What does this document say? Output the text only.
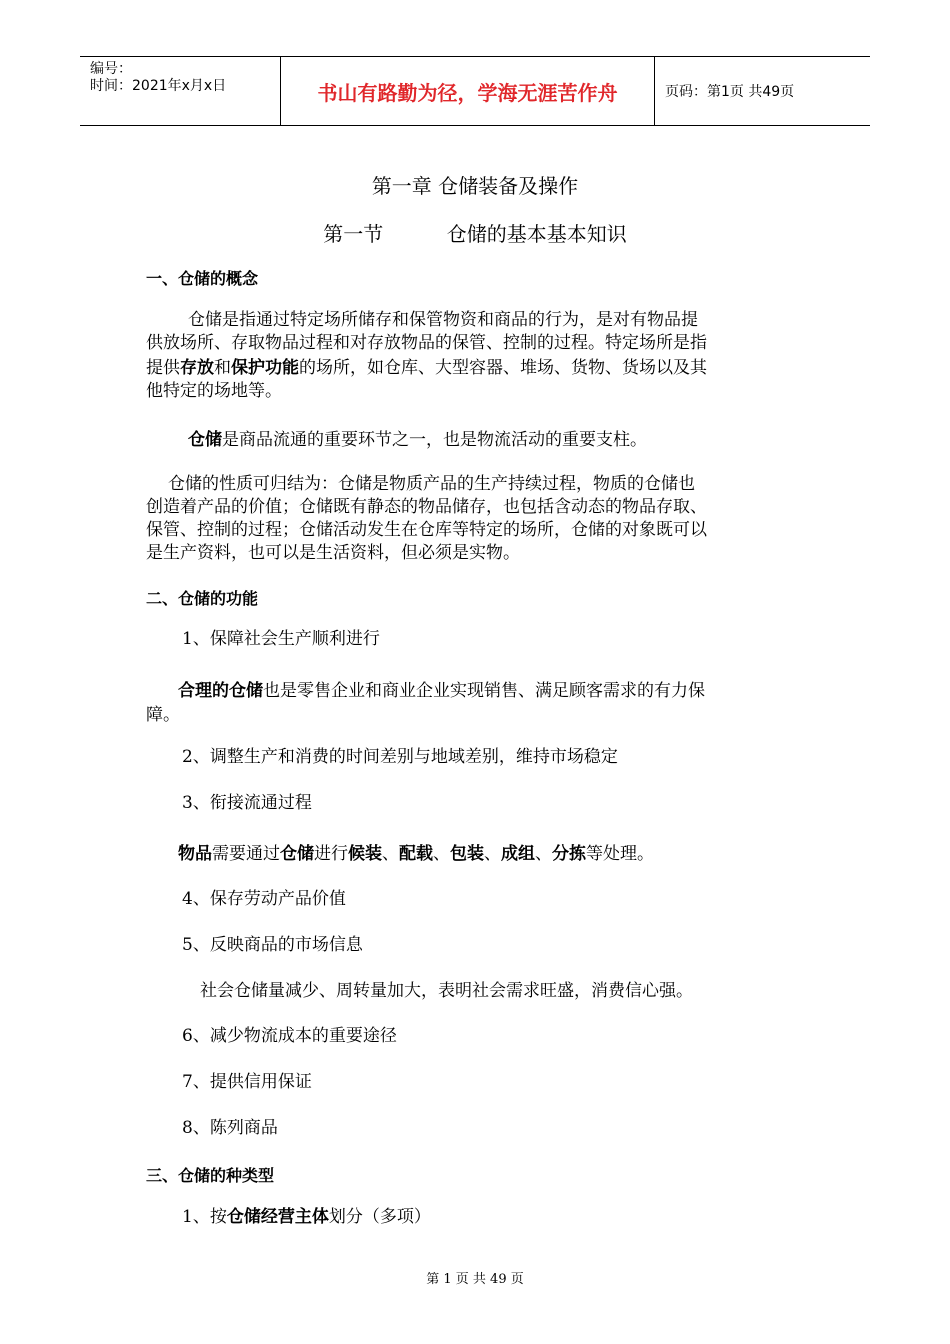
编号：
时间：2021年x月x日	书山有路勤为径，学海无涯苦作舟	页码：第1页 共49页
第一章 仓储装备及操作
第一节          仓储的基本基本知识
一、仓储的概念
仓储是指通过特定场所储存和保管物资和商品的行为，是对有物品提
供放场所、存取物品过程和对存放物品的保管、控制的过程。特定场所是指
提供存放和保护功能的场所，如仓库、大型容器、堆场、货物、货场以及其
他特定的场地等。
仓储是商品流通的重要环节之一，也是物流活动的重要支柱。
仓储的性质可归结为：仓储是物质产品的生产持续过程，物质的仓储也
创造着产品的价值；仓储既有静态的物品储存，也包括含动态的物品存取、
保管、控制的过程；仓储活动发生在仓库等特定的场所，仓储的对象既可以
是生产资料，也可以是生活资料，但必须是实物。
二、仓储的功能
1、保障社会生产顺利进行
合理的仓储也是零售企业和商业企业实现销售、满足顾客需求的有力保
障。
2、调整生产和消费的时间差别与地域差别，维持市场稳定
3、衔接流通过程
物品需要通过仓储进行候装、配载、包装、成组、分拣等处理。
4、保存劳动产品价值
5、反映商品的市场信息
社会仓储量减少、周转量加大，表明社会需求旺盛，消费信心强。
6、减少物流成本的重要途径
7、提供信用保证
8、陈列商品
三、仓储的种类型
1、按仓储经营主体划分（多项）
第 1 页 共 49 页
